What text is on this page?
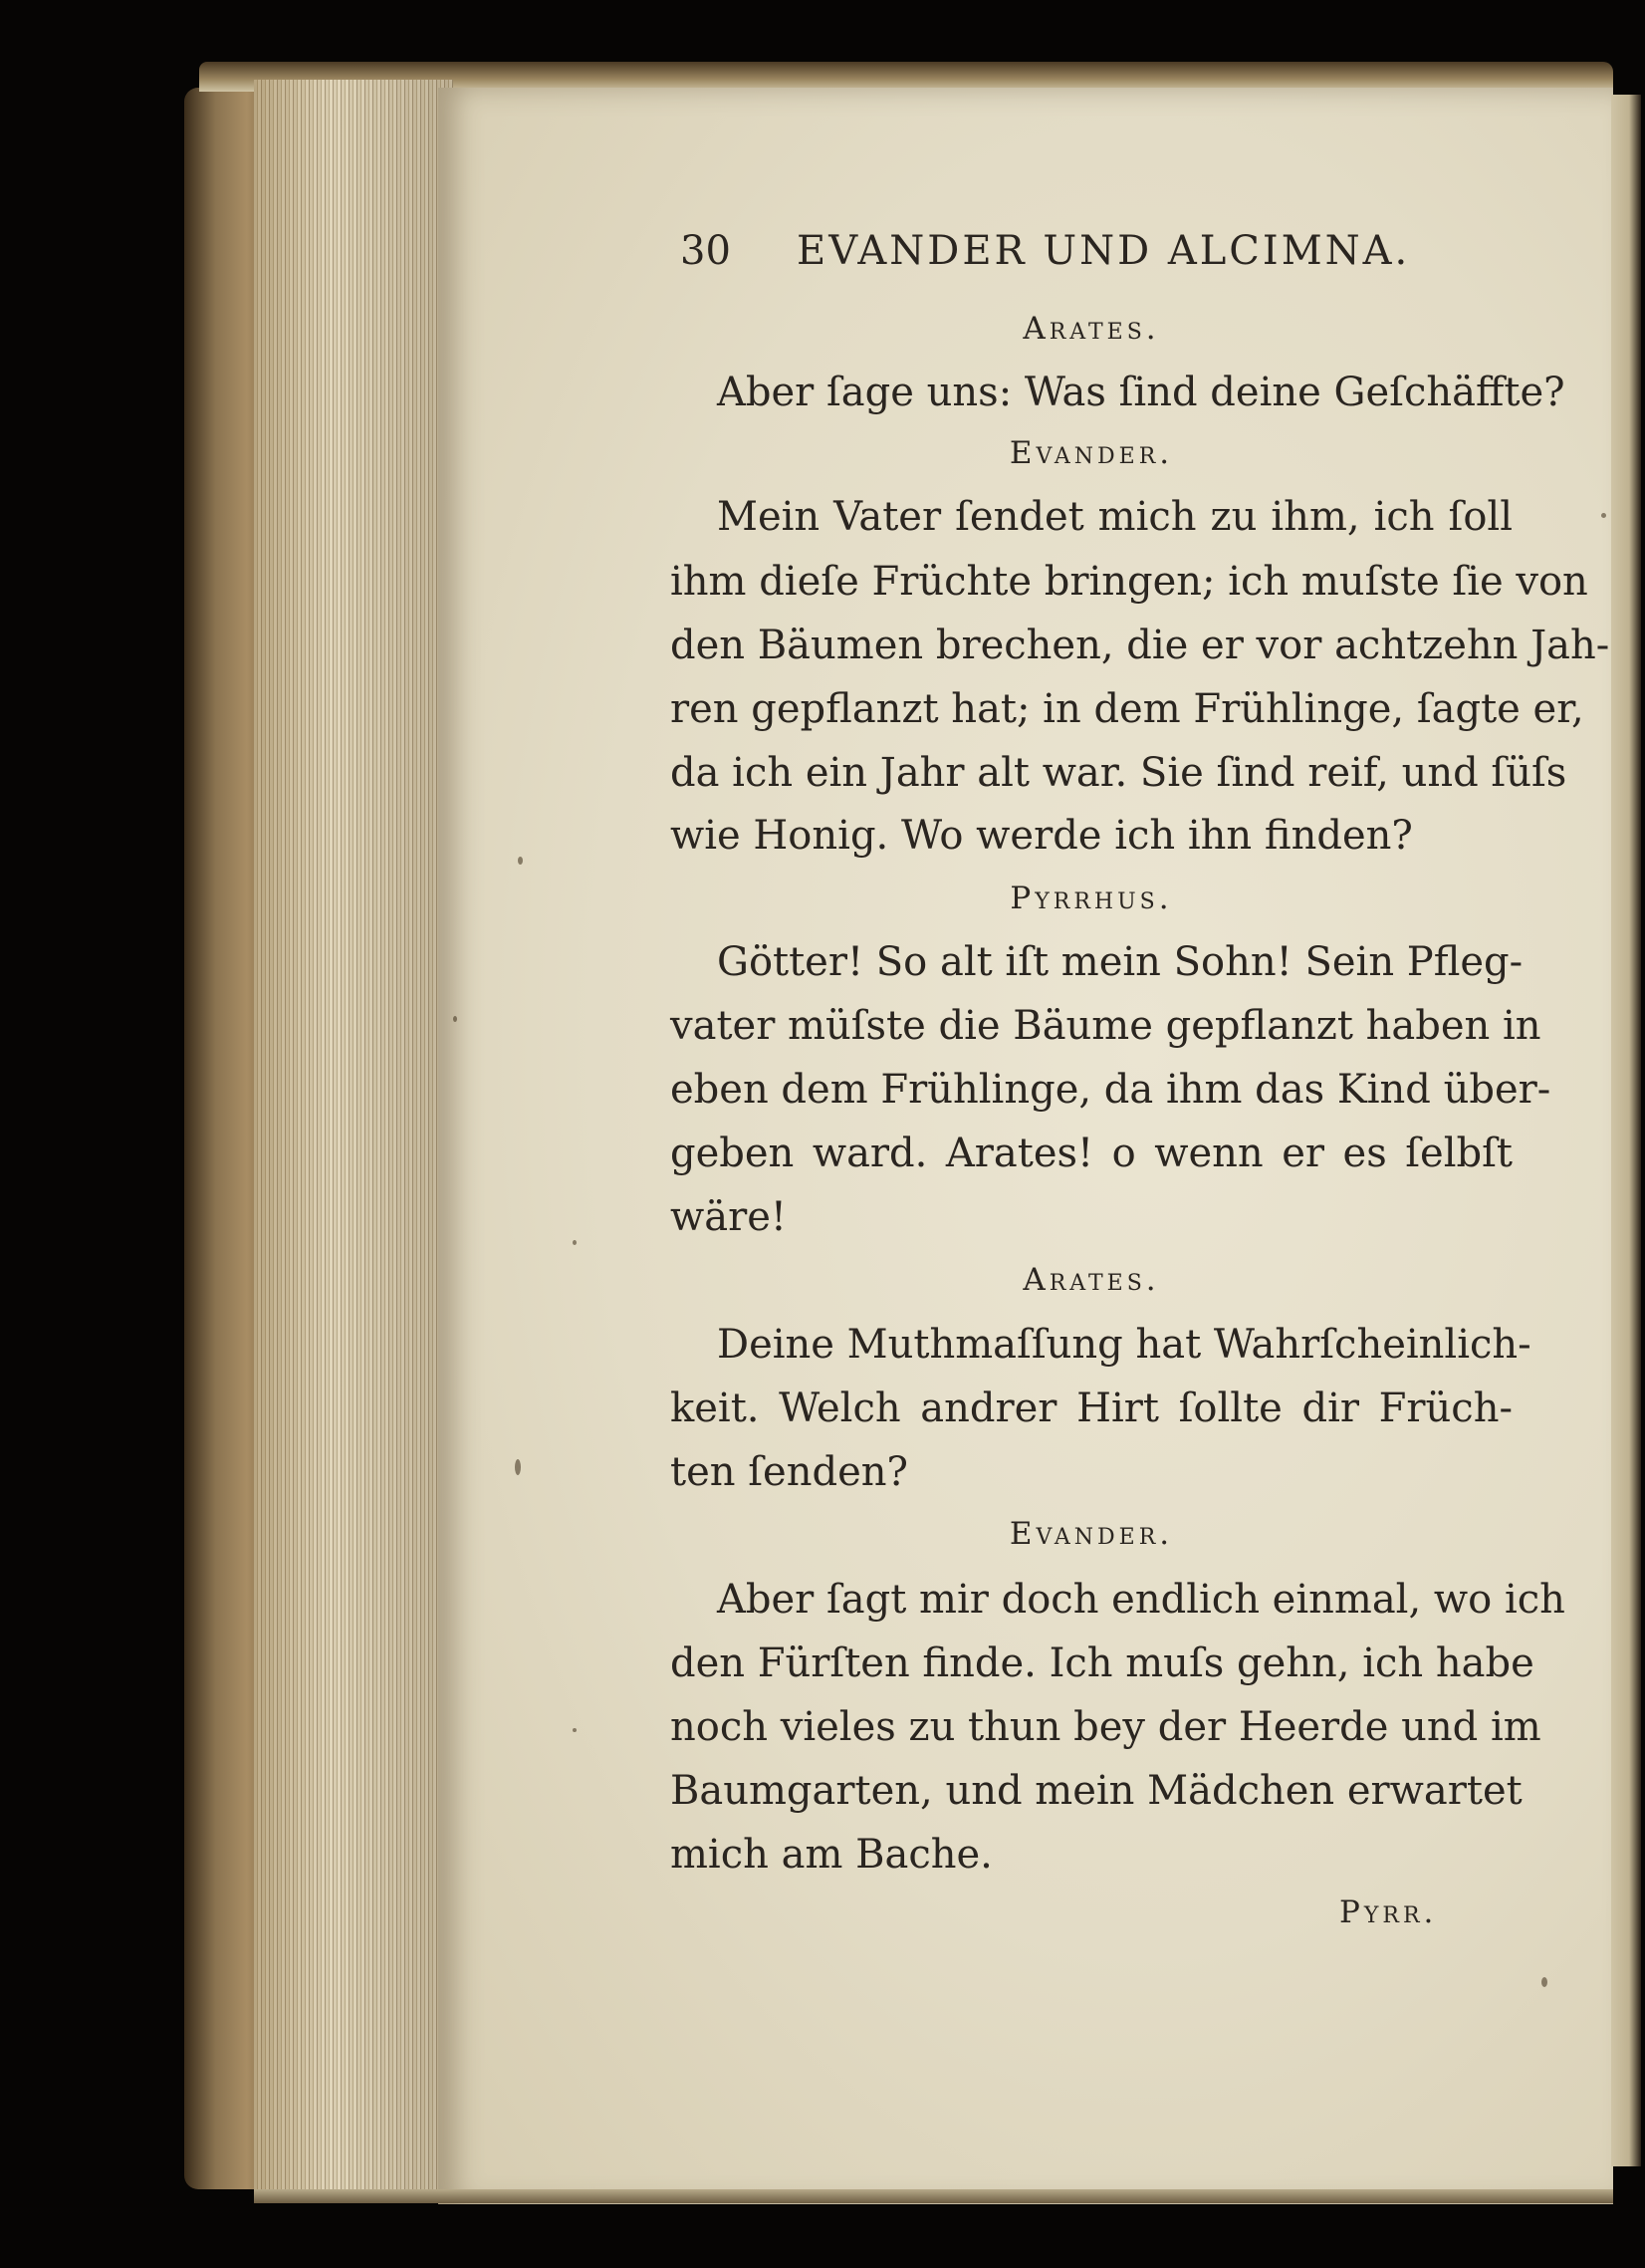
30 EVANDER UND ALCIMNA.
Arates.
Aber ſage uns: Was ſind deine Geſchäffte?
Evander.
Mein Vater ſendet mich zu ihm, ich ſoll
ihm dieſe Früchte bringen; ich muſste ſie von
den Bäumen brechen, die er vor achtzehn Jah-
ren gepflanzt hat; in dem Frühlinge, ſagte er,
da ich ein Jahr alt war. Sie ſind reif, und ſüſs
wie Honig. Wo werde ich ihn finden?
Pyrrhus.
Götter! So alt iſt mein Sohn! Sein Pfleg-
vater müſste die Bäume gepflanzt haben in
eben dem Frühlinge, da ihm das Kind über-
geben ward. Arates! o wenn er es ſelbſt
wäre!
Arates.
Deine Muthmaſſung hat Wahrſcheinlich-
keit. Welch andrer Hirt ſollte dir Früch-
ten ſenden?
Evander.
Aber ſagt mir doch endlich einmal, wo ich
den Fürſten finde. Ich muſs gehn, ich habe
noch vieles zu thun bey der Heerde und im
Baumgarten, und mein Mädchen erwartet
mich am Bache.
Pyrr.
